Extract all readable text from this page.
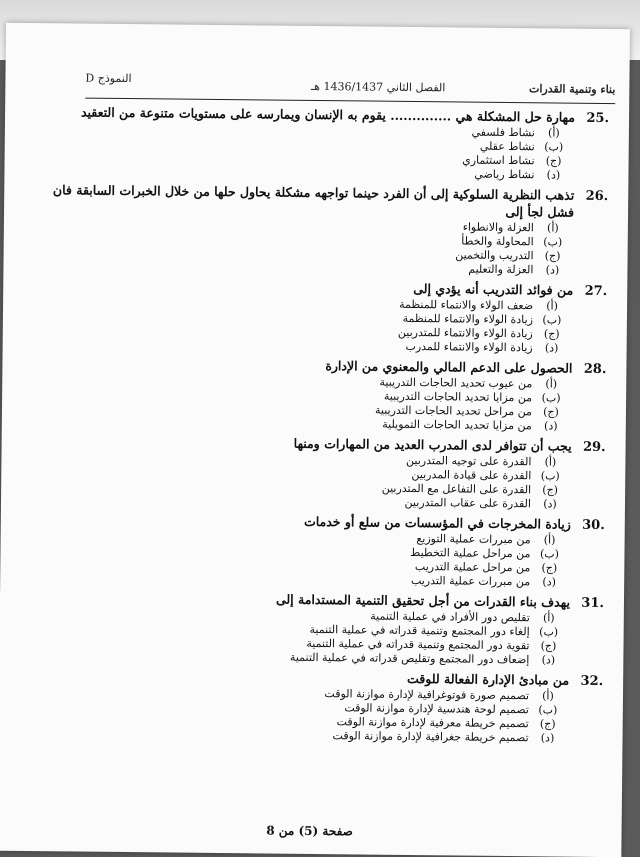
بناء وتنمية القدرات
الفصل الثاني 1436/1437 هـ
النموذج D
25.
مهارة حل المشكلة هي .............. يقوم به الإنسان ويمارسه على مستويات متنوعة من التعقيد
(أ)
نشاط فلسفي
(ب)
نشاط عقلي
(ج)
نشاط استثماري
(د)
نشاط رياضي
26.
تذهب النظرية السلوكية إلى أن الفرد حينما تواجهه مشكلة يحاول حلها من خلال الخبرات السابقة فان فشل لجأ إلى
(أ)
العزلة والانطواء
(ب)
المحاولة والخطأ
(ج)
التدريب والتخمين
(د)
العزلة والتعليم
27.
من فوائد التدريب أنه يؤدي إلى
(أ)
ضعف الولاء والانتماء للمنظمة
(ب)
زيادة الولاء والانتماء للمنظمة
(ج)
زيادة الولاء والانتماء للمتدربين
(د)
زيادة الولاء والانتماء للمدرب
28.
الحصول على الدعم المالي والمعنوي من الإدارة
(أ)
من عيوب تحديد الحاجات التدريبية
(ب)
من مزايا تحديد الحاجات التدريبية
(ج)
من مراحل تحديد الحاجات التدريبية
(د)
من مزايا تحديد الحاجات التمويلية
29.
يجب أن تتوافر لدى المدرب العديد من المهارات ومنها
(أ)
القدرة على توجيه المتدربين
(ب)
القدرة على قيادة المدربين
(ج)
القدرة على التفاعل مع المتدربين
(د)
القدرة على عقاب المتدربين
30.
زيادة المخرجات في المؤسسات من سلع أو خدمات
(أ)
من مبررات عملية التوزيع
(ب)
من مراحل عملية التخطيط
(ج)
من مراحل عملية التدريب
(د)
من مبررات عملية التدريب
31.
يهدف بناء القدرات من أجل تحقيق التنمية المستدامة إلى
(أ)
تقليص دور الأفراد في عملية التنمية
(ب)
إلغاء دور المجتمع وتنمية قدراته في عملية التنمية
(ج)
تقوية دور المجتمع وتنمية قدراته في عملية التنمية
(د)
إضعاف دور المجتمع وتقليص قدراته في عملية التنمية
32.
من مبادئ الإدارة الفعالة للوقت
(أ)
تصميم صورة فوتوغرافية لإدارة موازنة الوقت
(ب)
تصميم لوحة هندسية لإدارة موازنة الوقت
(ج)
تصميم خريطة معرفية لإدارة موازنة الوقت
(د)
تصميم خريطة جغرافية لإدارة موازنة الوقت
صفحة (5) من 8
